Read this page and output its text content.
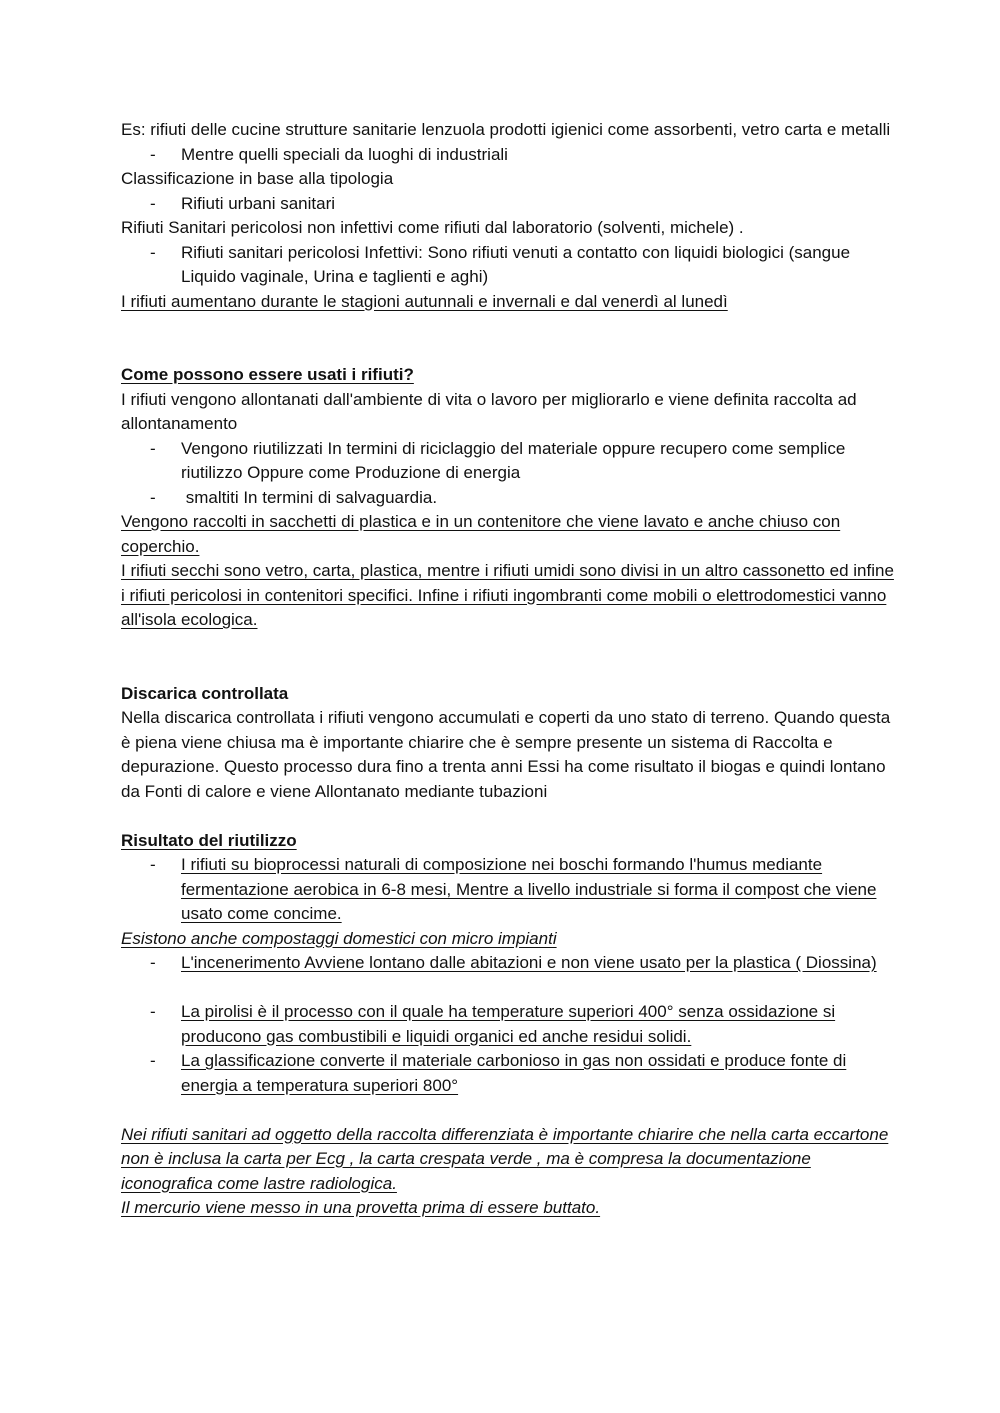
Es: rifiuti delle cucine strutture sanitarie lenzuola prodotti igienici come assorbenti, vetro carta e metalli

- Mentre quelli speciali da luoghi di industriali

Classificazione in base alla tipologia

- Rifiuti urbani sanitari

Rifiuti Sanitari pericolosi non infettivi come rifiuti dal laboratorio (solventi, michele) .

- Rifiuti sanitari pericolosi Infettivi: Sono rifiuti venuti a contatto con liquidi biologici (sangue Liquido vaginale, Urina e taglienti e aghi)

I rifiuti aumentano durante le stagioni autunnali e invernali e dal venerdì al lunedì

Come possono essere usati i rifiuti?

I rifiuti vengono allontanati dall'ambiente di vita o lavoro per migliorarlo e viene definita raccolta ad allontanamento

- Vengono riutilizzati In termini di riciclaggio del materiale oppure recupero come semplice riutilizzo Oppure come Produzione di energia
- smaltiti In termini di salvaguardia.

Vengono raccolti in sacchetti di plastica e in un contenitore che viene lavato e anche chiuso con coperchio.

I rifiuti secchi sono vetro, carta, plastica, mentre i rifiuti umidi sono divisi in un altro cassonetto ed infine i rifiuti pericolosi in contenitori specifici. Infine i rifiuti ingombranti come mobili o elettrodomestici vanno all'isola ecologica.

Discarica controllata

Nella discarica controllata i rifiuti vengono accumulati e coperti da uno stato di terreno. Quando questa è piena viene chiusa ma è importante chiarire che è sempre presente un sistema di Raccolta e depurazione. Questo processo dura fino a trenta anni Essi ha come risultato il biogas e quindi lontano da Fonti di calore e viene Allontanato mediante tubazioni

Risultato del riutilizzo

- I rifiuti su bioprocessi naturali di composizione nei boschi formando l'humus mediante fermentazione aerobica in 6-8 mesi, Mentre a livello industriale si forma il compost che viene usato come concime.

Esistono anche compostaggi domestici con micro impianti

- L'incenerimento Avviene lontano dalle abitazioni e non viene usato per la plastica ( Diossina)
- La pirolisi è il processo con il quale ha temperature superiori 400° senza ossidazione si producono gas combustibili e liquidi organici ed anche residui solidi.
- La glassificazione converte il materiale carbonioso in gas non ossidati e produce fonte di energia a temperatura superiori 800°

Nei rifiuti sanitari ad oggetto della raccolta differenziata è importante chiarire che nella carta eccartone non è inclusa la carta per Ecg , la carta crespata verde , ma è compresa la documentazione iconografica come lastre radiologica.

Il mercurio viene messo in una provetta prima di essere buttato.
